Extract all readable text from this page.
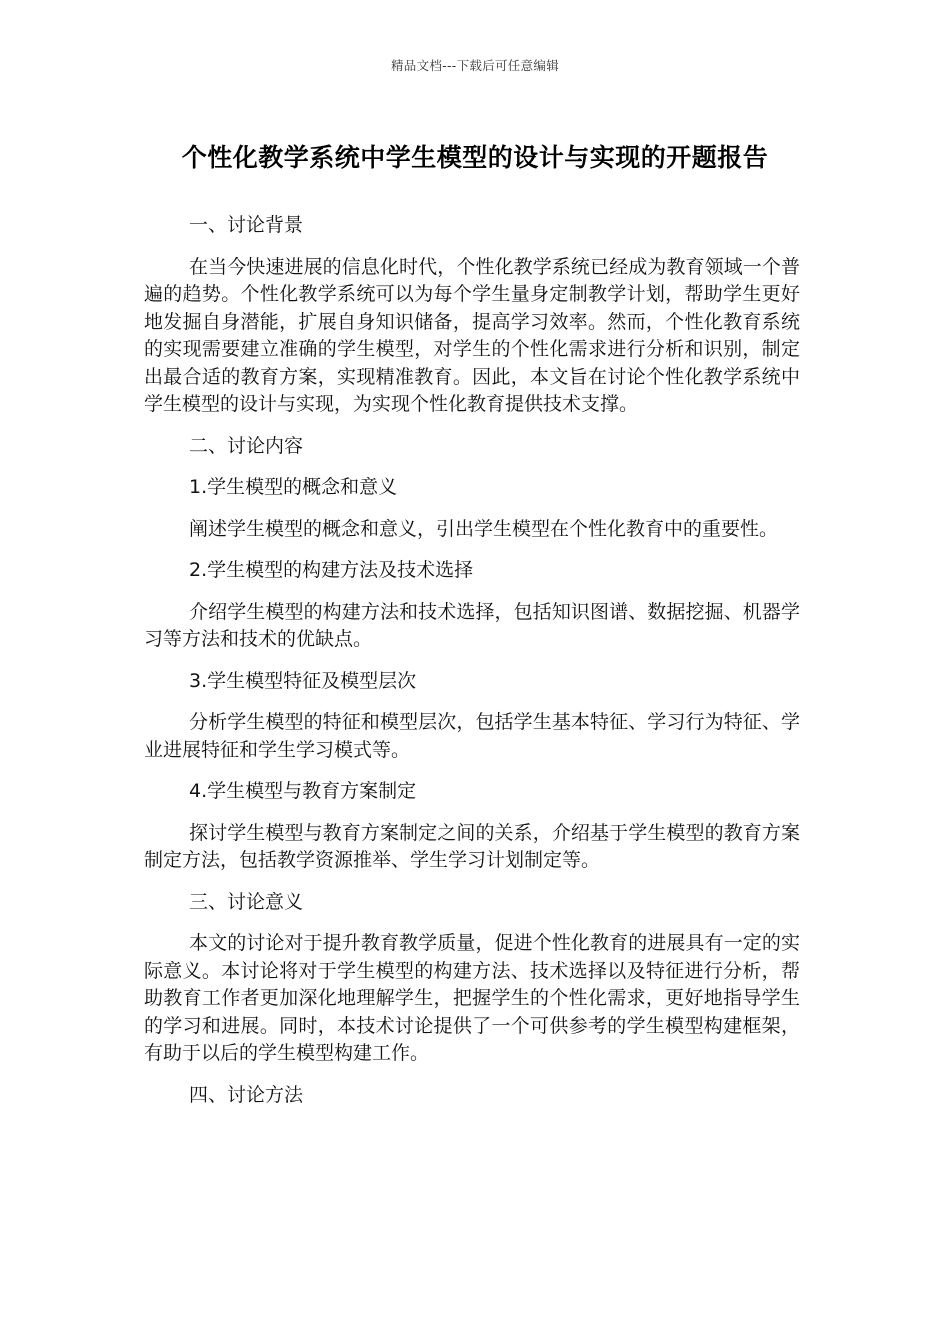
精品文档---下载后可任意编辑
个性化教学系统中学生模型的设计与实现的开题报告
一、讨论背景
在当今快速进展的信息化时代，个性化教学系统已经成为教育领域一个普遍的趋势。个性化教学系统可以为每个学生量身定制教学计划，帮助学生更好地发掘自身潜能，扩展自身知识储备，提高学习效率。然而，个性化教育系统的实现需要建立准确的学生模型，对学生的个性化需求进行分析和识别，制定出最合适的教育方案，实现精准教育。因此，本文旨在讨论个性化教学系统中学生模型的设计与实现，为实现个性化教育提供技术支撑。
二、讨论内容
1.学生模型的概念和意义
阐述学生模型的概念和意义，引出学生模型在个性化教育中的重要性。
2.学生模型的构建方法及技术选择
介绍学生模型的构建方法和技术选择，包括知识图谱、数据挖掘、机器学习等方法和技术的优缺点。
3.学生模型特征及模型层次
分析学生模型的特征和模型层次，包括学生基本特征、学习行为特征、学业进展特征和学生学习模式等。
4.学生模型与教育方案制定
探讨学生模型与教育方案制定之间的关系，介绍基于学生模型的教育方案制定方法，包括教学资源推举、学生学习计划制定等。
三、讨论意义
本文的讨论对于提升教育教学质量，促进个性化教育的进展具有一定的实际意义。本讨论将对于学生模型的构建方法、技术选择以及特征进行分析，帮助教育工作者更加深化地理解学生，把握学生的个性化需求，更好地指导学生的学习和进展。同时，本技术讨论提供了一个可供参考的学生模型构建框架，有助于以后的学生模型构建工作。
四、讨论方法
